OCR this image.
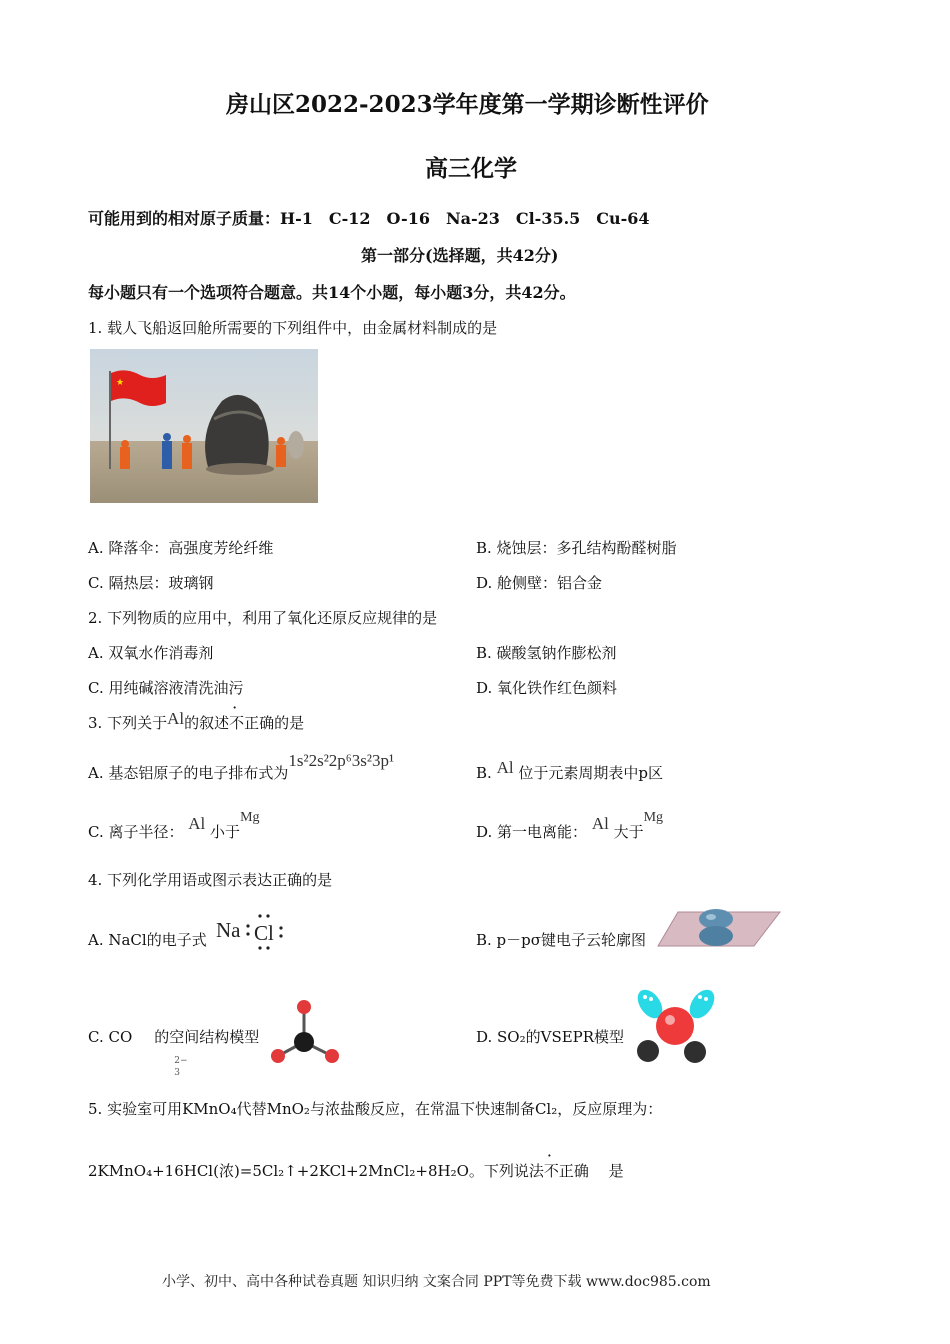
房山区2022-2023学年度第一学期诊断性评价
高三化学
可能用到的相对原子质量：H-1　C-12　O-16　Na-23　Cl-35.5　Cu-64
第一部分(选择题，共42分)
每小题只有一个选项符合题意。共14个小题，每小题3分，共42分。
1. 载人飞船返回舱所需要的下列组件中，由金属材料制成的是
★
A. 降落伞：高强度芳纶纤维	B. 烧蚀层：多孔结构酚醛树脂
C. 隔热层：玻璃钢	D. 舱侧壁：铝合金
2. 下列物质的应用中，利用了氧化还原反应规律的是
A. 双氧水作消毒剂	B. 碳酸氢钠作膨松剂
C. 用纯碱溶液清洗油污	D. 氧化铁作红色颜料
3. 下列关于Al的叙述不正确的是
A. 基态铝原子的电子排布式为1s²2s²2p⁶3s²3p¹
B. Al 位于元素周期表中p区
C. 离子半径： Al 小于Mg
D. 第一电离能： Al 大于Mg
4. 下列化学用语或图示表达正确的是
A. NaCl的电子式 Na Cl	B. p－pσ键电子云轮廓图
C. CO
2−
3
的空间结构模型	D. SO₂的VSEPR模型
5. 实验室可用KMnO₄代替MnO₂与浓盐酸反应，在常温下快速制备Cl₂，反应原理为：
2KMnO₄+16HCl(浓)=5Cl₂↑+2KCl+2MnCl₂+8H₂O。下列说法不正确　 是
小学、初中、高中各种试卷真题 知识归纳 文案合同 PPT等免费下载 www.doc985.com
